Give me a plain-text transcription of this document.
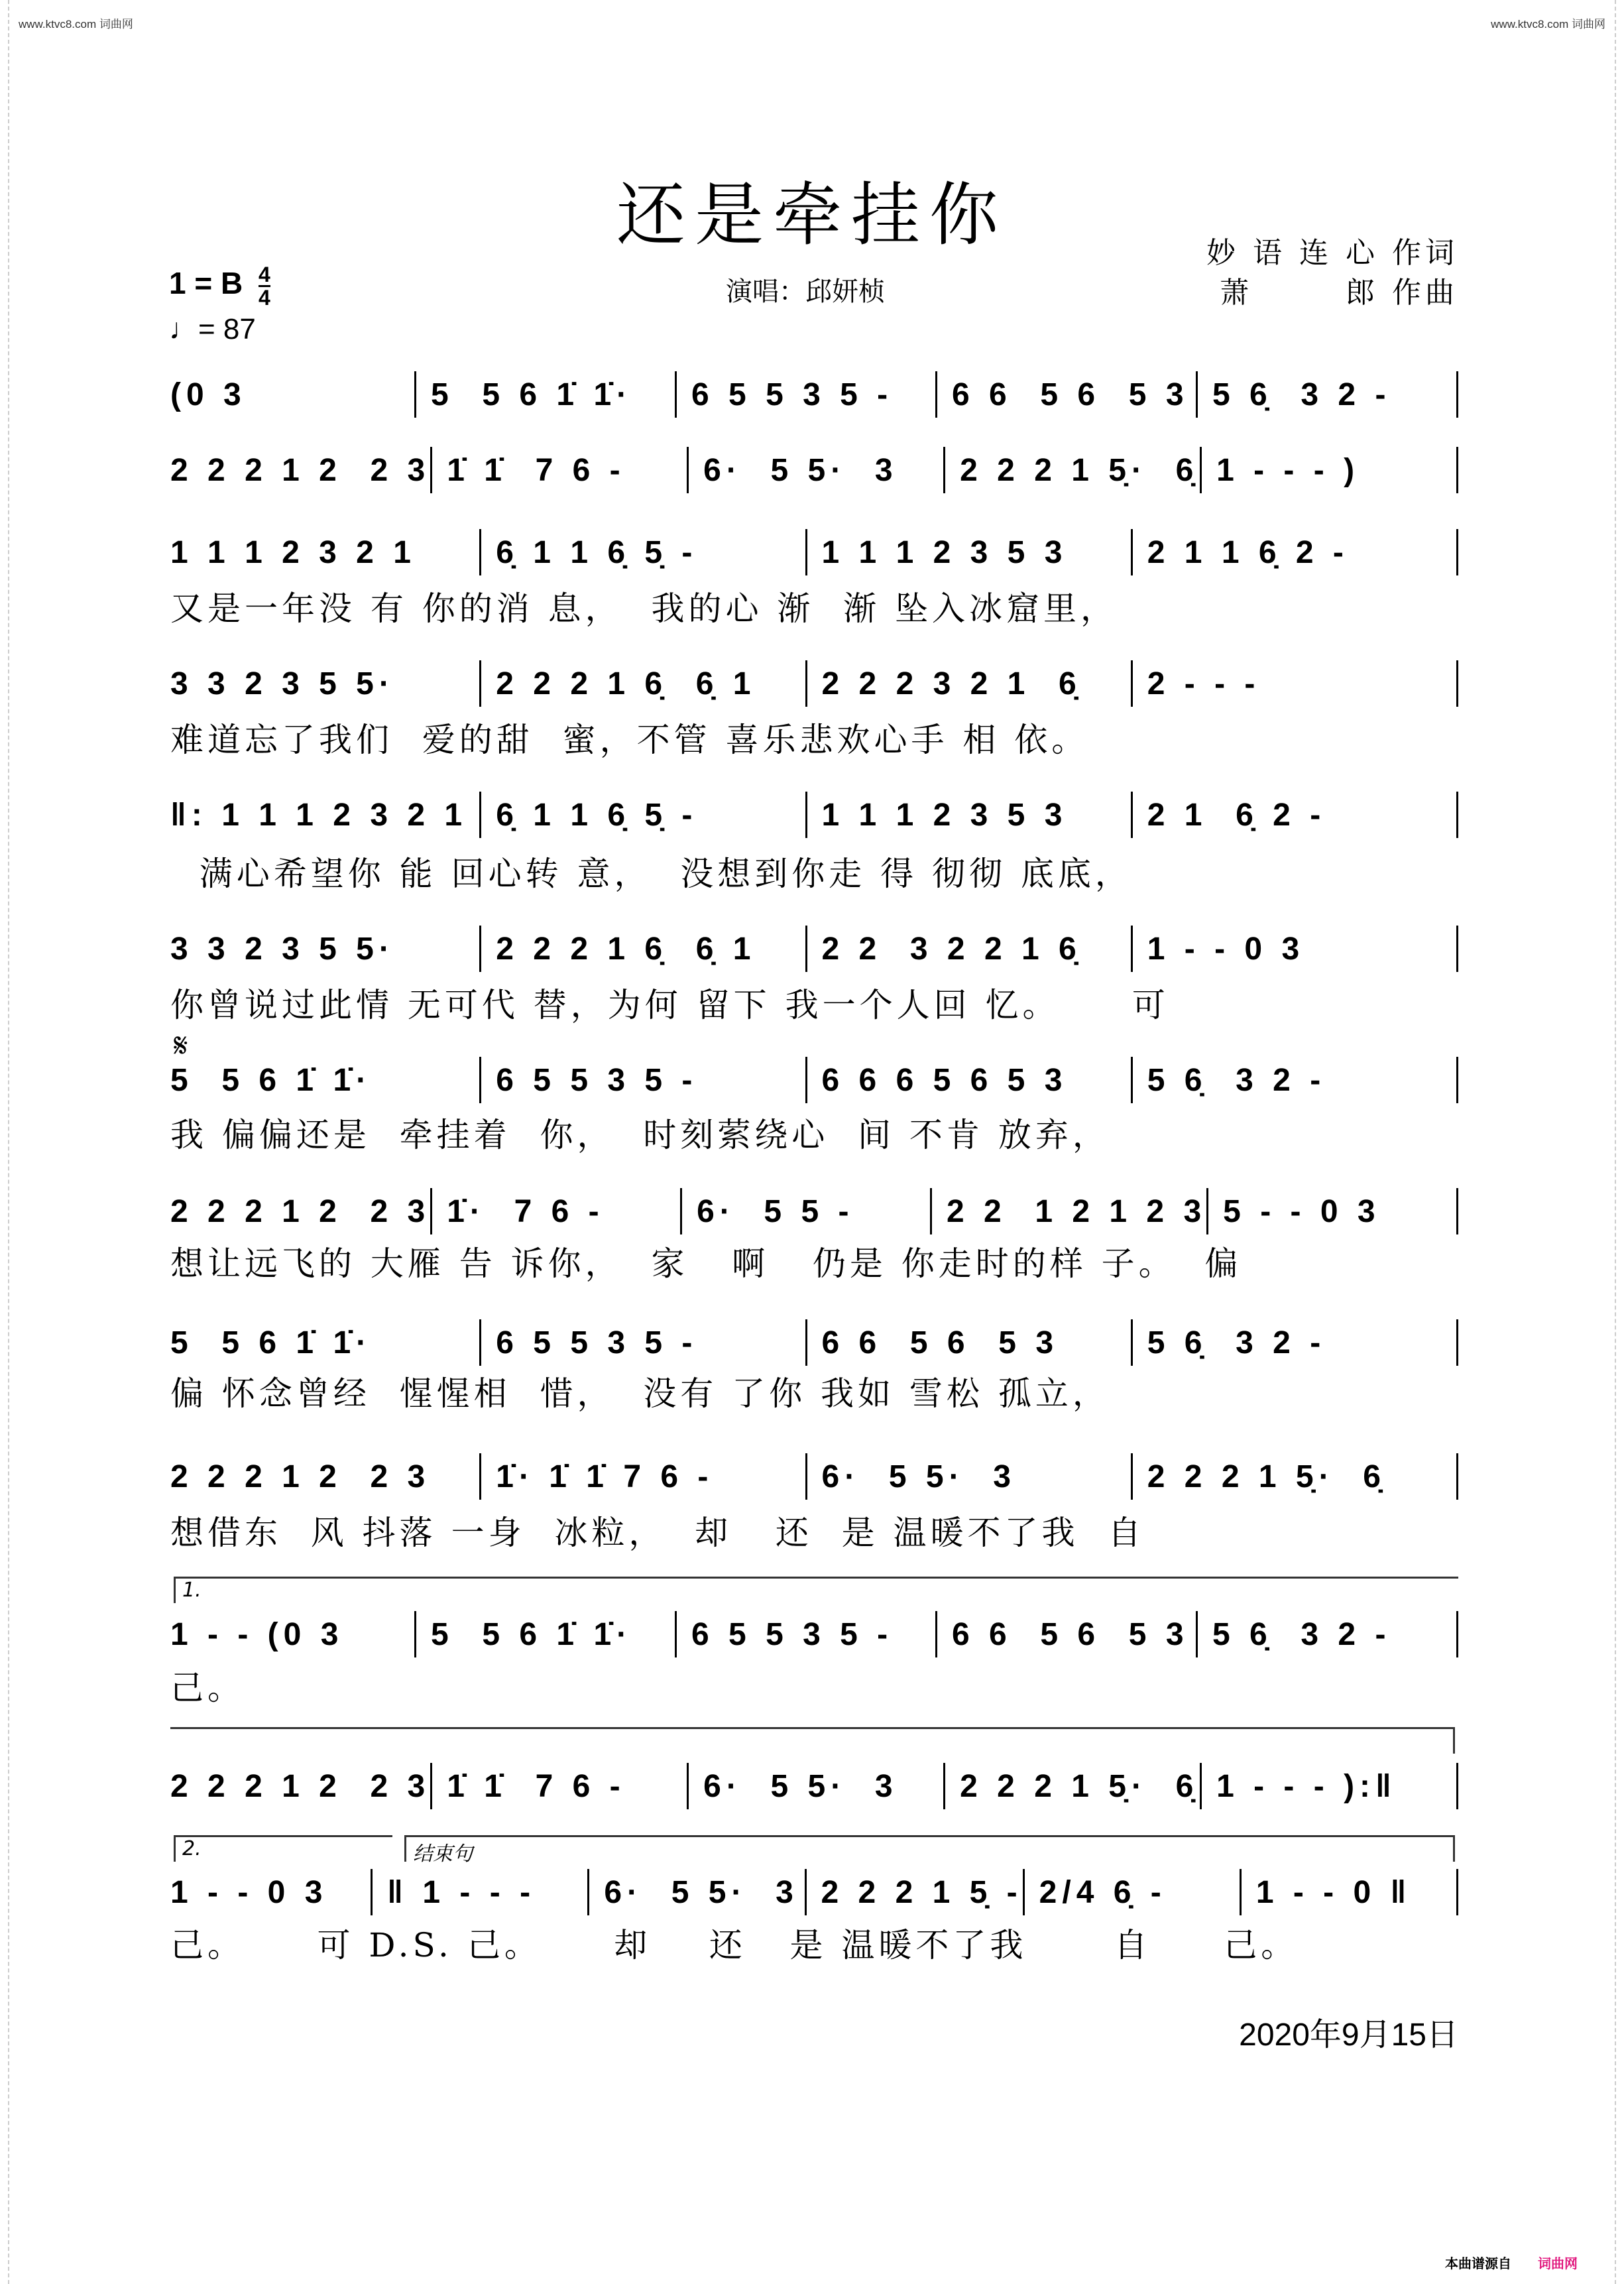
www.ktvc8.com 词曲网	www.ktvc8.com 词曲网
还是牵挂你	妙 语 连 心 作词
萧       郎 作曲
1 = B 4
4
♩= 87
演唱：邱妍桢
𝄋
1.
2.	结束句
(0 3	5  5 6 1̇ 1̇·	6 5 5 3 5 -	6 6  5 6  5 3 5 6̣  3 2 -
2 2 2 1 2  2 3 1̇ 1̇  7 6 -	6·  5 5·  3	2 2 2 1 5̣·  6̣ 1 - - - )
1 1 1 2 3 2 1	6̣ 1 1 6̣ 5̣ -	1 1 1 2 3 5 3	2 1 1 6̣ 2 -
又是一年没 有 你的消 息，  我的心 渐  渐 坠入冰窟里，
3 3 2 3 5 5·	2 2 2 1 6̣  6̣ 1	2 2 2 3 2 1  6̣	2 - - -
难道忘了我们  爱的甜  蜜，不管 喜乐悲欢心手 相 依。
‖: 1 1 1 2 3 2 1 6̣ 1 1 6̣ 5̣ -	1 1 1 2 3 5 3	2 1  6̣ 2 -
满心希望你 能 回心转 意，  没想到你走 得 彻彻 底底，
3 3 2 3 5 5·	2 2 2 1 6̣  6̣ 1	2 2  3 2 2 1 6̣	1 - - 0 3
你曾说过此情 无可代 替，为何 留下 我一个人回 忆。     可
5  5 6 1̇ 1̇·	6 5 5 3 5 -	6 6 6 5 6 5 3	5 6̣  3 2 -
我 偏偏还是  牵挂着  你，  时刻萦绕心  间 不肯 放弃，
2 2 2 1 2  2 3 1̇·  7 6 -	6·  5 5 -	2 2  1 2 1 2 3 5 - - 0 3
想让远飞的 大雁 告 诉你，  家   啊   仍是 你走时的样 子。  偏
5  5 6 1̇ 1̇·	6 5 5 3 5 -	6 6  5 6  5 3	5 6̣  3 2 -
偏 怀念曾经  惺惺相  惜，  没有 了你 我如 雪松 孤立，
2 2 2 1 2  2 3	1̇· 1̇ 1̇ 7 6 -	6·  5 5·  3	2 2 2 1 5̣·  6̣
想借东  风 抖落 一身  冰粒，  却   还  是 温暖不了我  自
1 - - (0 3	5  5 6 1̇ 1̇·	6 5 5 3 5 -	6 6  5 6  5 3 5 6̣  3 2 -
己。
2 2 2 1 2  2 3 1̇ 1̇  7 6 -	6·  5 5·  3	2 2 2 1 5̣·  6̣ 1 - - - ):‖
1 - - 0 3	‖ 1 - - -	6·  5 5·  3 2 2 2 1 5̣ - 2/4 6̣ -	1 - - 0 ‖
己。     可 D.S. 己。     却    还   是 温暖不了我      自     己。
2020年9月15日
本曲谱源自 词曲网
